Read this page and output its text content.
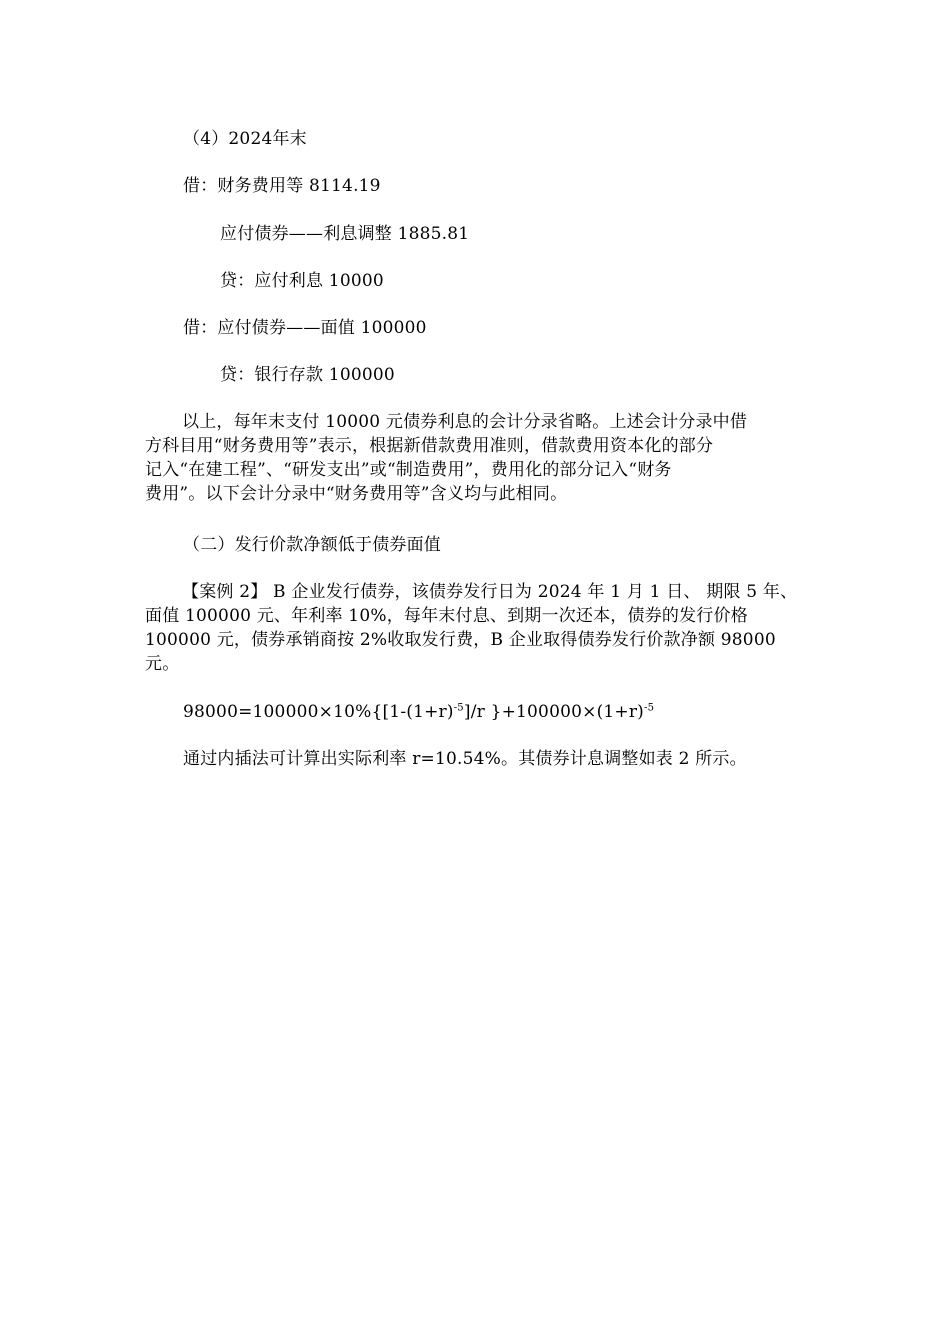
（4）2024年末
借：财务费用等 8114.19
应付债券——利息调整 1885.81
贷：应付利息 10000
借：应付债券——面值 100000
贷：银行存款 100000
以上，每年末支付 10000 元债券利息的会计分录省略。上述会计分录中借
方科目用“财务费用等”表示，根据新借款费用准则，借款费用资本化的部分
记入“在建工程”、“研发支出”或“制造费用”，费用化的部分记入“财务
费用”。以下会计分录中“财务费用等”含义均与此相同。
（二）发行价款净额低于债券面值
【案例 2】 B 企业发行债券，该债券发行日为 2024 年 1 月 1 日、 期限 5 年、
面值 100000 元、年利率 10%，每年末付息、到期一次还本，债券的发行价格
100000 元，债券承销商按 2%收取发行费，B 企业取得债券发行价款净额 98000
元。
$98000=100000\times 10\%\{[1-(1+r)^{-5}]/r$ }$+100000\times(1+r)^{-5}$
通过内插法可计算出实际利率 r=10.54%。其债券计息调整如表 2 所示。
